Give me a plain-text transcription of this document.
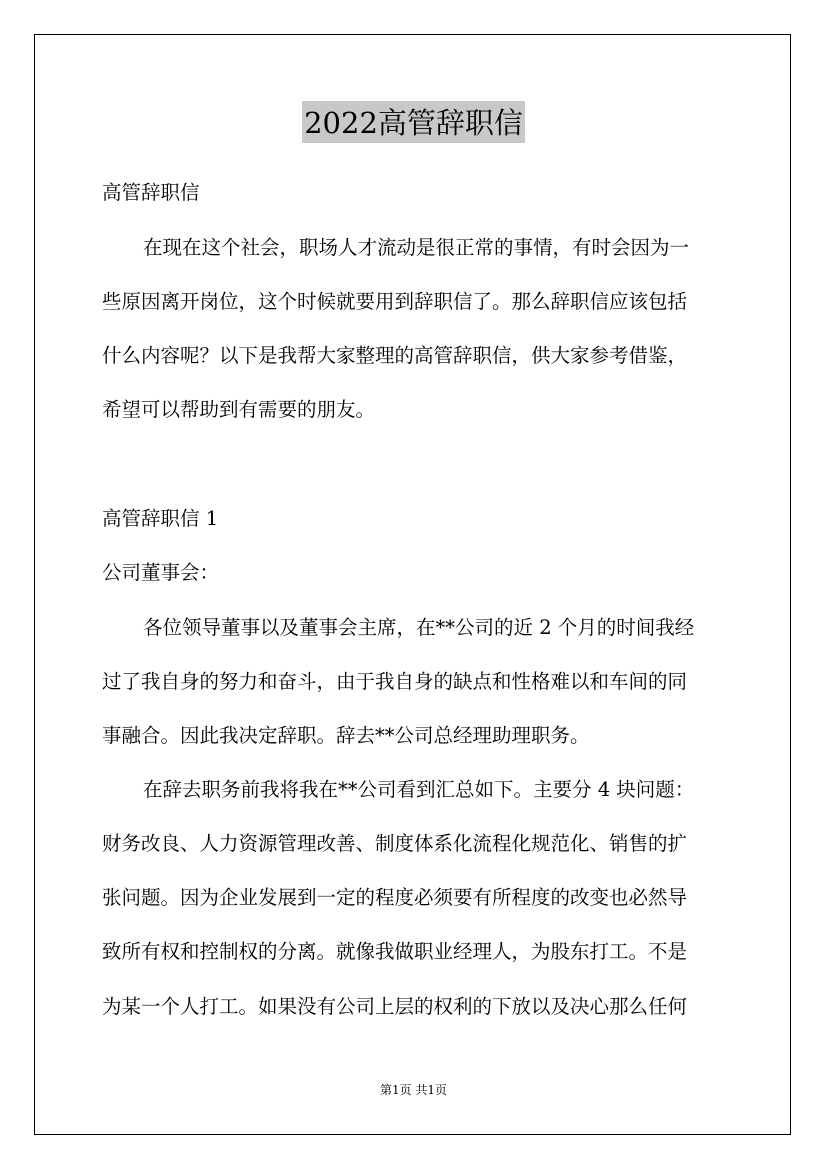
2022高管辞职信
高管辞职信
在现在这个社会，职场人才流动是很正常的事情，有时会因为一
些原因离开岗位，这个时候就要用到辞职信了。那么辞职信应该包括
什么内容呢？以下是我帮大家整理的高管辞职信，供大家参考借鉴，
希望可以帮助到有需要的朋友。
高管辞职信 1
公司董事会：
各位领导董事以及董事会主席，在**公司的近 2 个月的时间我经
过了我自身的努力和奋斗，由于我自身的缺点和性格难以和车间的同
事融合。因此我决定辞职。辞去**公司总经理助理职务。
在辞去职务前我将我在**公司看到汇总如下。主要分 4 块问题：
财务改良、人力资源管理改善、制度体系化流程化规范化、销售的扩
张问题。因为企业发展到一定的程度必须要有所程度的改变也必然导
致所有权和控制权的分离。就像我做职业经理人，为股东打工。不是
为某一个人打工。如果没有公司上层的权利的下放以及决心那么任何
第1页 共1页
